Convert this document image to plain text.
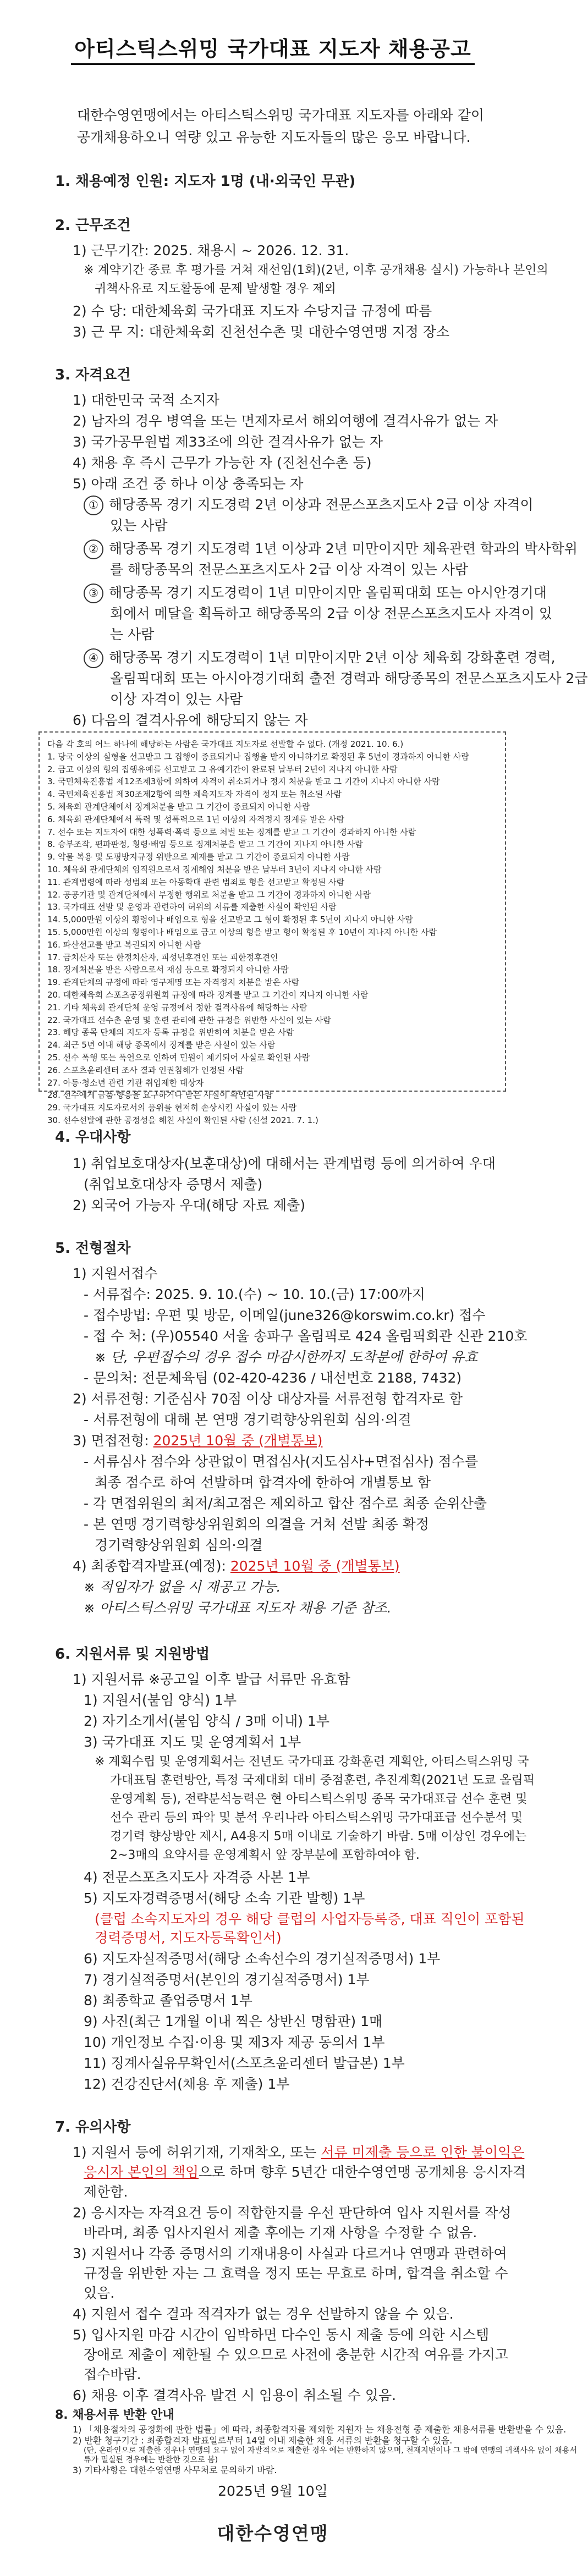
아티스틱스위밍 국가대표 지도자 채용공고
대한수영연맹에서는 아티스틱스위밍 국가대표 지도자를 아래와 같이 공개채용하오니 역량 있고 유능한 지도자들의 많은 응모 바랍니다.
1. 채용예정 인원: 지도자 1명 (내·외국인 무관)
2. 근무조건
1) 근무기간: 2025. 채용시 ~ 2026. 12. 31.
※ 계약기간 종료 후 평가를 거쳐 재선임(1회)(2년, 이후 공개채용 실시) 가능하나 본인의
귀책사유로 지도활동에 문제 발생할 경우 제외
2) 수 당: 대한체육회 국가대표 지도자 수당지급 규정에 따름
3) 근 무 지: 대한체육회 진천선수촌 및 대한수영연맹 지정 장소
3. 자격요건
1) 대한민국 국적 소지자
2) 남자의 경우 병역을 또는 면제자로서 해외여행에 결격사유가 없는 자
3) 국가공무원법 제33조에 의한 결격사유가 없는 자
4) 채용 후 즉시 근무가 가능한 자 (진천선수촌 등)
5) 아래 조건 중 하나 이상 충족되는 자
① 해당종목 경기 지도경력 2년 이상과 전문스포츠지도사 2급 이상 자격이
있는 사람
② 해당종목 경기 지도경력 1년 이상과 2년 미만이지만 체육관련 학과의 박사학위
를 해당종목의 전문스포츠지도사 2급 이상 자격이 있는 사람
③ 해당종목 경기 지도경력이 1년 미만이지만 올림픽대회 또는 아시안경기대
회에서 메달을 획득하고 해당종목의 2급 이상 전문스포츠지도사 자격이 있
는 사람
④ 해당종목 경기 지도경력이 1년 미만이지만 2년 이상 체육회 강화훈련 경력,
올림픽대회 또는 아시아경기대회 출전 경력과 해당종목의 전문스포츠지도사 2급
이상 자격이 있는 사람
6) 다음의 결격사유에 해당되지 않는 자
다음 각 호의 어느 하나에 해당하는 사람은 국가대표 지도자로 선발할 수 없다. (개정 2021. 10. 6.)
1. 당국 이상의 실형을 선고받고 그 집행이 종료되거나 집행을 받지 아니하기로 확정된 후 5년이 경과하지 아니한 사람
2. 금고 이상의 형의 집행유예를 선고받고 그 유예기간이 완료된 날부터 2년이 지나지 아니한 사람
3. 국민체육진흥법 제12조제3항에 의하여 자격이 취소되거나 정지 처분을 받고 그 기간이 지나지 아니한 사람
4. 국민체육진흥법 제30조제2항에 의한 체육지도자 자격이 정지 또는 취소된 사람
5. 체육회 관계단체에서 징계처분을 받고 그 기간이 종료되지 아니한 사람
6. 체육회 관계단체에서 폭력 및 성폭력으로 1년 이상의 자격정지 징계를 받은 사람
7. 선수 또는 지도자에 대한 성폭력·폭력 등으로 처벌 또는 징계를 받고 그 기간이 경과하지 아니한 사람
8. 승부조작, 편파판정, 횡령·배임 등으로 징계처분을 받고 그 기간이 지나지 아니한 사람
9. 약물 복용 및 도핑방지규정 위반으로 제재를 받고 그 기간이 종료되지 아니한 사람
10. 체육회 관계단체의 임직원으로서 징계해임 처분을 받은 날부터 3년이 지나지 아니한 사람
11. 관계법령에 따라 성범죄 또는 아동학대 관련 범죄로 형을 선고받고 확정된 사람
12. 공공기관 및 관계단체에서 부정한 행위로 처분을 받고 그 기간이 경과하지 아니한 사람
13. 국가대표 선발 및 운영과 관련하여 허위의 서류를 제출한 사실이 확인된 사람
14. 5,000만원 이상의 횡령이나 배임으로 형을 선고받고 그 형이 확정된 후 5년이 지나지 아니한 사람
15. 5,000만원 이상의 횡령이나 배임으로 금고 이상의 형을 받고 형이 확정된 후 10년이 지나지 아니한 사람
16. 파산선고를 받고 복권되지 아니한 사람
17. 금치산자 또는 한정치산자, 피성년후견인 또는 피한정후견인
18. 징계처분을 받은 사람으로서 재심 등으로 확정되지 아니한 사람
19. 관계단체의 규정에 따라 영구제명 또는 자격정지 처분을 받은 사람
20. 대한체육회 스포츠공정위원회 규정에 따라 징계를 받고 그 기간이 지나지 아니한 사람
21. 기타 체육회 관계단체 운영 규정에서 정한 결격사유에 해당하는 사람
22. 국가대표 선수촌 운영 및 훈련 관리에 관한 규정을 위반한 사실이 있는 사람
23. 해당 종목 단체의 지도자 등록 규정을 위반하여 처분을 받은 사람
24. 최근 5년 이내 해당 종목에서 징계를 받은 사실이 있는 사람
25. 선수 폭행 또는 폭언으로 인하여 민원이 제기되어 사실로 확인된 사람
26. 스포츠윤리센터 조사 결과 인권침해가 인정된 사람
27. 아동·청소년 관련 기관 취업제한 대상자
28. 선수에게 금품·향응을 요구하거나 받은 사실이 확인된 사람
29. 국가대표 지도자로서의 품위를 현저히 손상시킨 사실이 있는 사람
30. 선수선발에 관한 공정성을 해친 사실이 확인된 사람 (신설 2021. 7. 1.)
4. 우대사항
1) 취업보호대상자(보훈대상)에 대해서는 관계법령 등에 의거하여 우대
(취업보호대상자 증명서 제출)
2) 외국어 가능자 우대(해당 자료 제출)
5. 전형절차
1) 지원서접수
- 서류접수: 2025. 9. 10.(수) ~ 10. 10.(금) 17:00까지
- 접수방법: 우편 및 방문, 이메일(june326@korswim.co.kr) 접수
- 접 수 처: (우)05540 서울 송파구 올림픽로 424 올림픽회관 신관 210호
※ 단, 우편접수의 경우 접수 마감시한까지 도착분에 한하여 유효
- 문의처: 전문체육팀 (02-420-4236 / 내선번호 2188, 7432)
2) 서류전형: 기준심사 70점 이상 대상자를 서류전형 합격자로 함
- 서류전형에 대해 본 연맹 경기력향상위원회 심의·의결
3) 면접전형: 2025년 10월 중 (개별통보)
- 서류심사 점수와 상관없이 면접심사(지도심사+면접심사) 점수를
최종 점수로 하여 선발하며 합격자에 한하여 개별통보 함
- 각 면접위원의 최저/최고점은 제외하고 합산 점수로 최종 순위산출
- 본 연맹 경기력향상위원회의 의결을 거쳐 선발 최종 확정
경기력향상위원회 심의·의결
4) 최종합격자발표(예정): 2025년 10월 중 (개별통보)
※ 적임자가 없을 시 재공고 가능.
※ 아티스틱스위밍 국가대표 지도자 채용 기준 참조.
6. 지원서류 및 지원방법
1) 지원서류 ※공고일 이후 발급 서류만 유효함
1) 지원서(붙임 양식) 1부
2) 자기소개서(붙임 양식 / 3매 이내) 1부
3) 국가대표 지도 및 운영계획서 1부
※ 계획수립 및 운영계획서는 전년도 국가대표 강화훈련 계획안, 아티스틱스위밍 국
가대표팀 훈련방안, 특정 국제대회 대비 중점훈련, 추진계획(2021년 도쿄 올림픽
운영계획 등), 전략분석능력은 현 아티스틱스위밍 종목 국가대표급 선수 훈련 및
선수 관리 등의 파악 및 분석 우리나라 아티스틱스위밍 국가대표급 선수분석 및
경기력 향상방안 제시, A4용지 5매 이내로 기술하기 바람. 5매 이상인 경우에는
2~3매의 요약서를 운영계획서 앞 장부분에 포함하여야 함.
4) 전문스포츠지도사 자격증 사본 1부
5) 지도자경력증명서(해당 소속 기관 발행) 1부
(클럽 소속지도자의 경우 해당 클럽의 사업자등록증, 대표 직인이 포함된
경력증명서, 지도자등록확인서)
6) 지도자실적증명서(해당 소속선수의 경기실적증명서) 1부
7) 경기실적증명서(본인의 경기실적증명서) 1부
8) 최종학교 졸업증명서 1부
9) 사진(최근 1개월 이내 찍은 상반신 명함판) 1매
10) 개인정보 수집·이용 및 제3자 제공 동의서 1부
11) 징계사실유무확인서(스포츠윤리센터 발급본) 1부
12) 건강진단서(채용 후 제출) 1부
7. 유의사항
1) 지원서 등에 허위기재, 기재착오, 또는 서류 미제출 등으로 인한 불이익은
응시자 본인의 책임으로 하며 향후 5년간 대한수영연맹 공개채용 응시자격
제한함.
2) 응시자는 자격요건 등이 적합한지를 우선 판단하여 입사 지원서를 작성
바라며, 최종 입사지원서 제출 후에는 기재 사항을 수정할 수 없음.
3) 지원서나 각종 증명서의 기재내용이 사실과 다르거나 연맹과 관련하여
규정을 위반한 자는 그 효력을 정지 또는 무효로 하며, 합격을 취소할 수
있음.
4) 지원서 접수 결과 적격자가 없는 경우 선발하지 않을 수 있음.
5) 입사지원 마감 시간이 임박하면 다수인 동시 제출 등에 의한 시스템
장애로 제출이 제한될 수 있으므로 사전에 충분한 시간적 여유를 가지고
접수바람.
6) 채용 이후 결격사유 발견 시 임용이 취소될 수 있음.
8. 채용서류 반환 안내
1) 「채용절차의 공정화에 관한 법률」에 따라, 최종합격자를 제외한 지원자 는 채용전형 중 제출한 채용서류를 반환받을 수 있음.
2) 반환 청구기간 : 최종합격자 발표일로부터 14일 이내 제출한 채용 서류의 반환을 청구할 수 있음.
(단, 온라인으로 제출한 경우나 연맹의 요구 없이 자발적으로 제출한 경우 에는 반환하지 않으며, 천재지변이나 그 밖에 연맹의 귀책사유 없이 채용서
류가 멸실된 경우에는 반환한 것으로 봄)
3) 기타사항은 대한수영연맹 사무처로 문의하기 바람.
2025년 9월 10일
대한수영연맹
